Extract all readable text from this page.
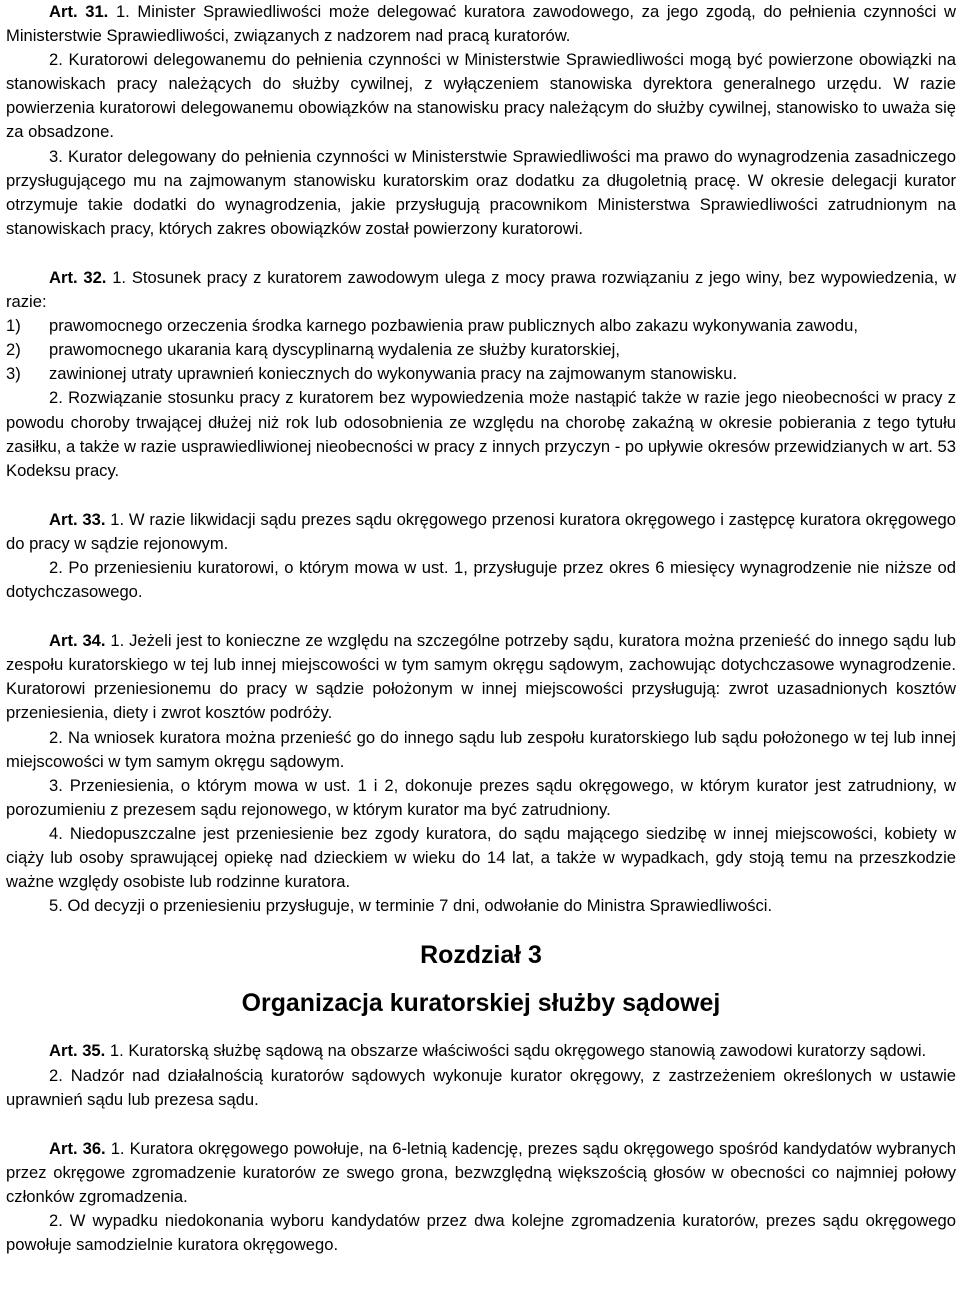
Art. 31. 1. Minister Sprawiedliwości może delegować kuratora zawodowego, za jego zgodą, do pełnienia czynności w Ministerstwie Sprawiedliwości, związanych z nadzorem nad pracą kuratorów.

2. Kuratorowi delegowanemu do pełnienia czynności w Ministerstwie Sprawiedliwości mogą być powierzone obowiązki na stanowiskach pracy należących do służby cywilnej, z wyłączeniem stanowiska dyrektora generalnego urzędu. W razie powierzenia kuratorowi delegowanemu obowiązków na stanowisku pracy należącym do służby cywilnej, stanowisko to uważa się za obsadzone.

3. Kurator delegowany do pełnienia czynności w Ministerstwie Sprawiedliwości ma prawo do wynagrodzenia zasadniczego przysługującego mu na zajmowanym stanowisku kuratorskim oraz dodatku za długoletnią pracę. W okresie delegacji kurator otrzymuje takie dodatki do wynagrodzenia, jakie przysługują pracownikom Ministerstwa Sprawiedliwości zatrudnionym na stanowiskach pracy, których zakres obowiązków został powierzony kuratorowi.

Art. 32. 1. Stosunek pracy z kuratorem zawodowym ulega z mocy prawa rozwiązaniu z jego winy, bez wypowiedzenia, w razie:

1) prawomocnego orzeczenia środka karnego pozbawienia praw publicznych albo zakazu wykonywania zawodu,
2) prawomocnego ukarania karą dyscyplinarną wydalenia ze służby kuratorskiej,
3) zawinionej utraty uprawnień koniecznych do wykonywania pracy na zajmowanym stanowisku.

2. Rozwiązanie stosunku pracy z kuratorem bez wypowiedzenia może nastąpić także w razie jego nieobecności w pracy z powodu choroby trwającej dłużej niż rok lub odosobnienia ze względu na chorobę zakaźną w okresie pobierania z tego tytułu zasiłku, a także w razie usprawiedliwionej nieobecności w pracy z innych przyczyn - po upływie okresów przewidzianych w art. 53 Kodeksu pracy.

Art. 33. 1. W razie likwidacji sądu prezes sądu okręgowego przenosi kuratora okręgowego i zastępcę kuratora okręgowego do pracy w sądzie rejonowym.

2. Po przeniesieniu kuratorowi, o którym mowa w ust. 1, przysługuje przez okres 6 miesięcy wynagrodzenie nie niższe od dotychczasowego.

Art. 34. 1. Jeżeli jest to konieczne ze względu na szczególne potrzeby sądu, kuratora można przenieść do innego sądu lub zespołu kuratorskiego w tej lub innej miejscowości w tym samym okręgu sądowym, zachowując dotychczasowe wynagrodzenie. Kuratorowi przeniesionemu do pracy w sądzie położonym w innej miejscowości przysługują: zwrot uzasadnionych kosztów przeniesienia, diety i zwrot kosztów podróży.

2. Na wniosek kuratora można przenieść go do innego sądu lub zespołu kuratorskiego lub sądu położonego w tej lub innej miejscowości w tym samym okręgu sądowym.

3. Przeniesienia, o którym mowa w ust. 1 i 2, dokonuje prezes sądu okręgowego, w którym kurator jest zatrudniony, w porozumieniu z prezesem sądu rejonowego, w którym kurator ma być zatrudniony.

4. Niedopuszczalne jest przeniesienie bez zgody kuratora, do sądu mającego siedzibę w innej miejscowości, kobiety w ciąży lub osoby sprawującej opiekę nad dzieckiem w wieku do 14 lat, a także w wypadkach, gdy stoją temu na przeszkodzie ważne względy osobiste lub rodzinne kuratora.

5. Od decyzji o przeniesieniu przysługuje, w terminie 7 dni, odwołanie do Ministra Sprawiedliwości.

Rozdział 3
Organizacja kuratorskiej służby sądowej

Art. 35. 1. Kuratorską służbę sądową na obszarze właściwości sądu okręgowego stanowią zawodowi kuratorzy sądowi.

2. Nadzór nad działalnością kuratorów sądowych wykonuje kurator okręgowy, z zastrzeżeniem określonych w ustawie uprawnień sądu lub prezesa sądu.

Art. 36. 1. Kuratora okręgowego powołuje, na 6-letnią kadencję, prezes sądu okręgowego spośród kandydatów wybranych przez okręgowe zgromadzenie kuratorów ze swego grona, bezwzględną większością głosów w obecności co najmniej połowy członków zgromadzenia.

2. W wypadku niedokonania wyboru kandydatów przez dwa kolejne zgromadzenia kuratorów, prezes sądu okręgowego powołuje samodzielnie kuratora okręgowego.
